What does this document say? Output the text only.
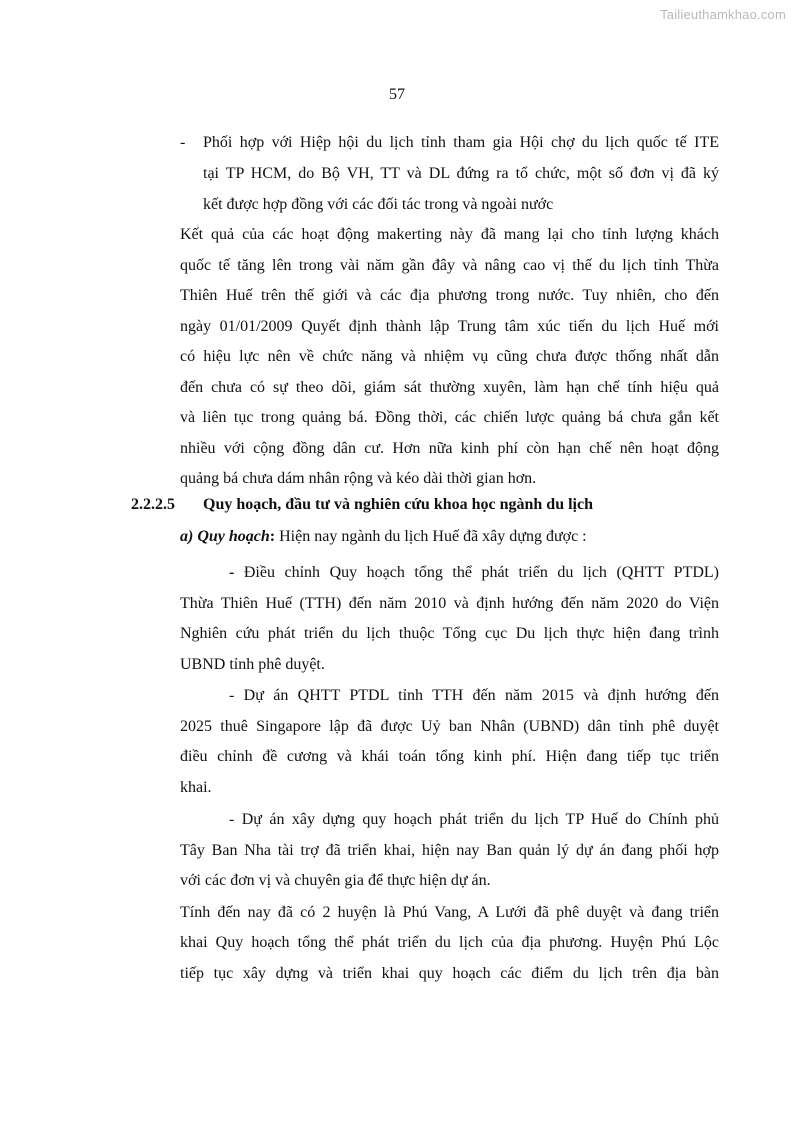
Tailieuthamkhao.com
57
- Phối hợp với Hiệp hội du lịch tỉnh tham gia Hội chợ du lịch quốc tế ITE
tại TP HCM, do Bộ VH, TT và DL đứng ra tổ chức, một số đơn vị đã ký
kết được hợp đồng với các đối tác trong và ngoài nước
Kết quả của các hoạt động makerting này đã mang lại cho tỉnh lượng khách
quốc tế tăng lên trong vài năm gần đây và nâng cao vị thế du lịch tỉnh Thừa
Thiên Huế trên thế giới và các địa phương trong nước. Tuy nhiên, cho đến
ngày 01/01/2009 Quyết định thành lập Trung tâm xúc tiến du lịch Huế mới
có hiệu lực nên về chức năng và nhiệm vụ cũng chưa được thống nhất dẫn
đến chưa có sự theo dõi, giám sát thường xuyên, làm hạn chế tính hiệu quả
và liên tục trong quảng bá. Đồng thời, các chiến lược quảng bá chưa gắn kết
nhiều với cộng đồng dân cư. Hơn nữa kinh phí còn hạn chế nên hoạt động
quảng bá chưa dám nhân rộng và kéo dài thời gian hơn.
2.2.2.5 Quy hoạch, đầu tư và nghiên cứu khoa học ngành du lịch
a) Quy hoạch: Hiện nay ngành du lịch Huế đã xây dựng được :
- Điều chỉnh Quy hoạch tổng thể phát triển du lịch (QHTT PTDL)
Thừa Thiên Huế (TTH) đến năm 2010 và định hướng đến năm 2020 do Viện
Nghiên cứu phát triển du lịch thuộc Tổng cục Du lịch thực hiện đang trình
UBND tỉnh phê duyệt.
- Dự án QHTT PTDL tỉnh TTH đến năm 2015 và định hướng đến
2025 thuê Singapore lập đã được Uỷ ban Nhân (UBND) dân tỉnh phê duyệt
điều chỉnh đề cương và khái toán tổng kinh phí. Hiện đang tiếp tục triển
khai.
- Dự án xây dựng quy hoạch phát triển du lịch TP Huế do Chính phủ
Tây Ban Nha tài trợ đã triển khai, hiện nay Ban quản lý dự án đang phối hợp
với các đơn vị và chuyên gia để thực hiện dự án.
Tính đến nay đã có 2 huyện là Phú Vang, A Lưới đã phê duyệt và đang triển
khai Quy hoạch tổng thể phát triển du lịch của địa phương. Huyện Phú Lộc
tiếp tục xây dựng và triển khai quy hoạch các điểm du lịch trên địa bàn
